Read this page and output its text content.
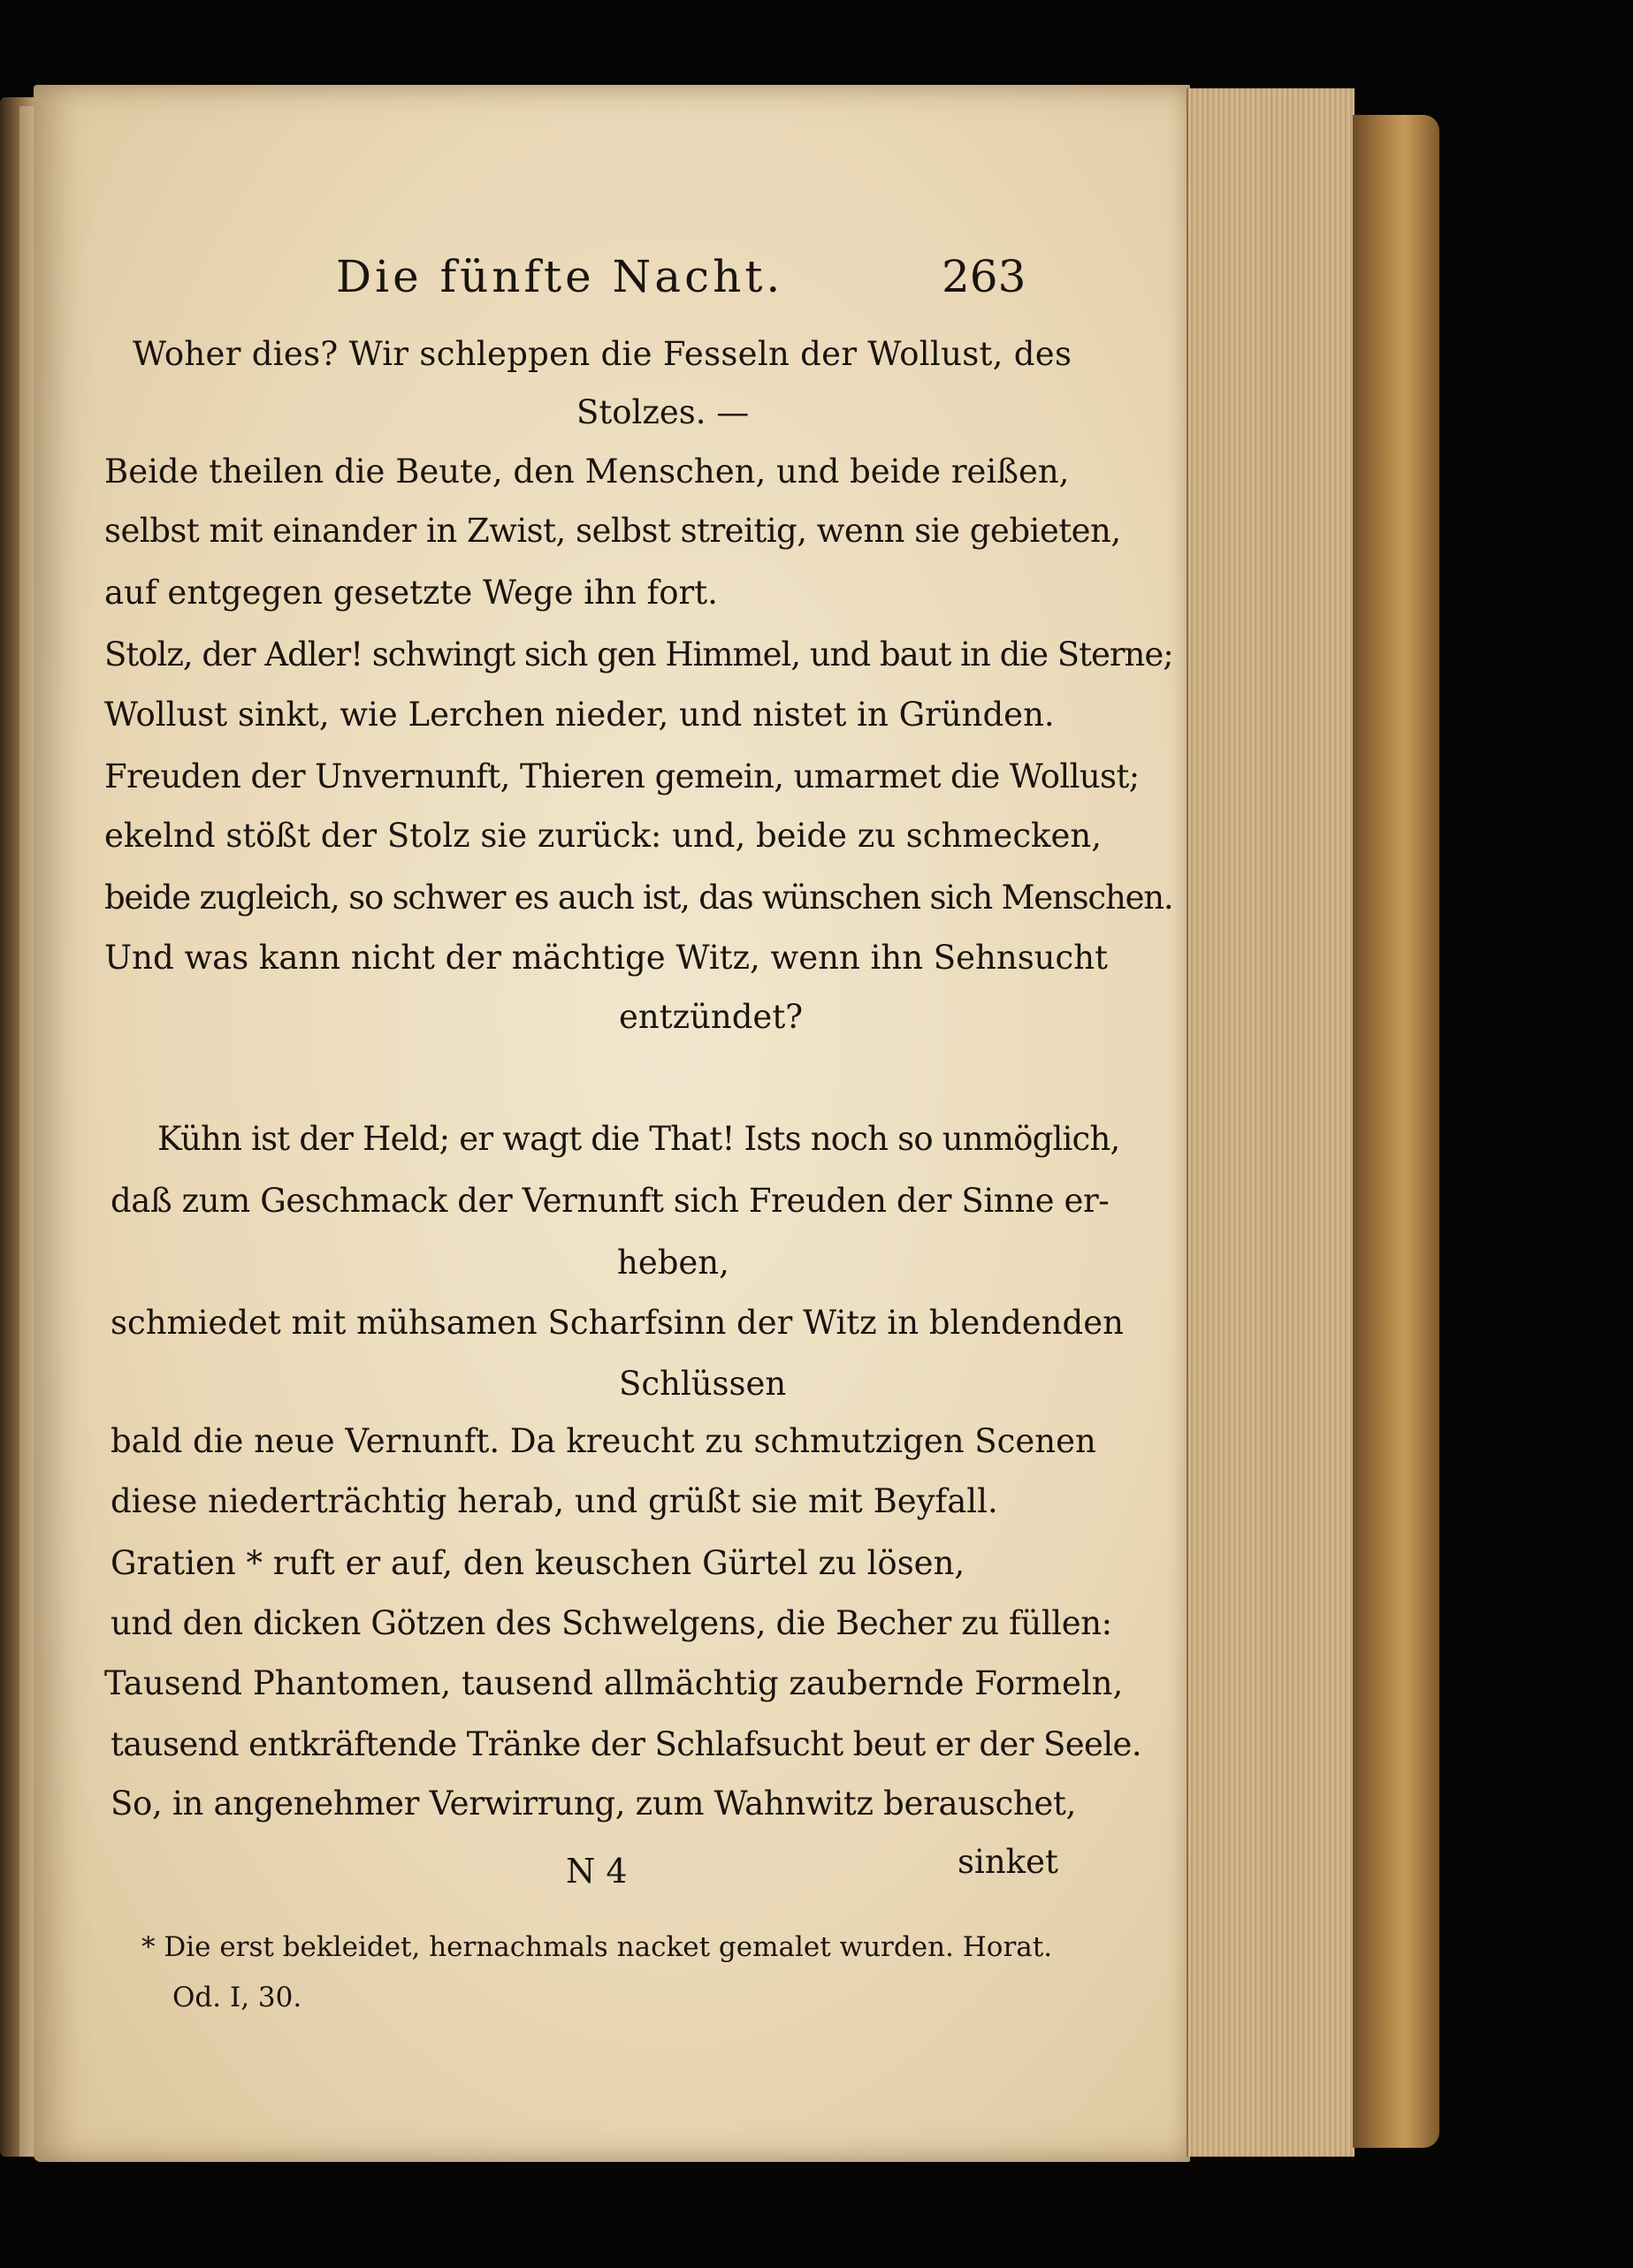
Die fünfte Nacht.	263
Woher dies? Wir schleppen die Fesseln der Wollust, des
Stolzes. —
Beide theilen die Beute, den Menschen, und beide reißen,
selbst mit einander in Zwist, selbst streitig, wenn sie gebieten,
auf entgegen gesetzte Wege ihn fort.
Stolz, der Adler! schwingt sich gen Himmel, und baut in die Sterne;
Wollust sinkt, wie Lerchen nieder, und nistet in Gründen.
Freuden der Unvernunft, Thieren gemein, umarmet die Wollust;
ekelnd stößt der Stolz sie zurück: und, beide zu schmecken,
beide zugleich, so schwer es auch ist, das wünschen sich Menschen.
Und was kann nicht der mächtige Witz, wenn ihn Sehnsucht
entzündet?
Kühn ist der Held; er wagt die That! Ists noch so unmöglich,
daß zum Geschmack der Vernunft sich Freuden der Sinne er-
heben,
schmiedet mit mühsamen Scharfsinn der Witz in blendenden
Schlüssen
bald die neue Vernunft. Da kreucht zu schmutzigen Scenen
diese niederträchtig herab, und grüßt sie mit Beyfall.
Gratien * ruft er auf, den keuschen Gürtel zu lösen,
und den dicken Götzen des Schwelgens, die Becher zu füllen:
Tausend Phantomen, tausend allmächtig zaubernde Formeln,
tausend entkräftende Tränke der Schlafsucht beut er der Seele.
So, in angenehmer Verwirrung, zum Wahnwitz berauschet,
N 4	sinket
* Die erst bekleidet, hernachmals nacket gemalet wurden. Horat.
Od. I, 30.
